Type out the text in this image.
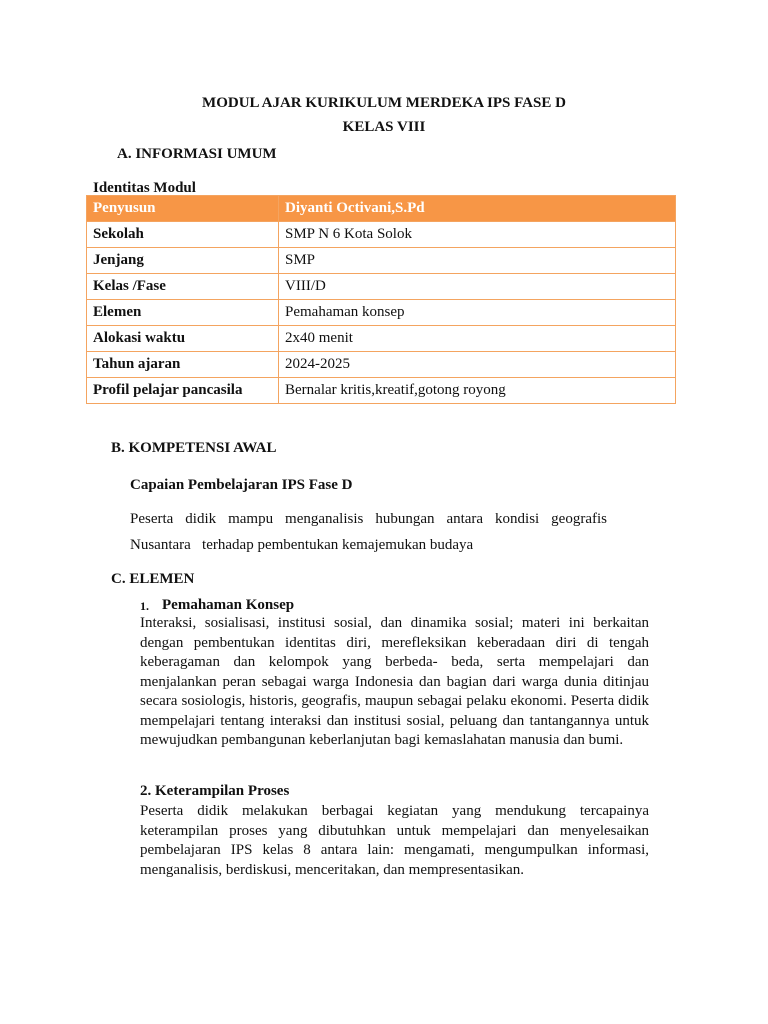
MODUL AJAR KURIKULUM MERDEKA IPS FASE D
KELAS VIII
A. INFORMASI UMUM
Identitas Modul
Penyusun	Diyanti Octivani,S.Pd
Sekolah	SMP N 6 Kota Solok
Jenjang	SMP
Kelas /Fase	VIII/D
Elemen	Pemahaman konsep
Alokasi waktu	2x40 menit
Tahun ajaran	2024-2025
Profil pelajar pancasila	Bernalar kritis,kreatif,gotong royong
B. KOMPETENSI AWAL
Capaian Pembelajaran IPS Fase D
Peserta didik mampu menganalisis hubungan antara kondisi geografis
Nusantara   terhadap pembentukan kemajemukan budaya
C. ELEMEN
1. Pemahaman Konsep
Interaksi, sosialisasi, institusi sosial, dan dinamika sosial; materi ini berkaitan dengan pembentukan identitas diri, merefleksikan keberadaan diri di tengah keberagaman dan kelompok yang berbeda- beda, serta mempelajari dan menjalankan peran sebagai warga Indonesia dan bagian dari warga dunia ditinjau secara sosiologis, historis, geografis, maupun sebagai pelaku ekonomi. Peserta didik mempelajari tentang interaksi dan institusi sosial, peluang dan tantangannya untuk mewujudkan pembangunan keberlanjutan bagi kemaslahatan manusia dan bumi.
2. Keterampilan Proses
Peserta didik melakukan berbagai kegiatan yang mendukung tercapainya keterampilan proses yang dibutuhkan untuk mempelajari dan menyelesaikan pembelajaran IPS kelas 8 antara lain: mengamati, mengumpulkan informasi, menganalisis, berdiskusi, menceritakan, dan mempresentasikan.
